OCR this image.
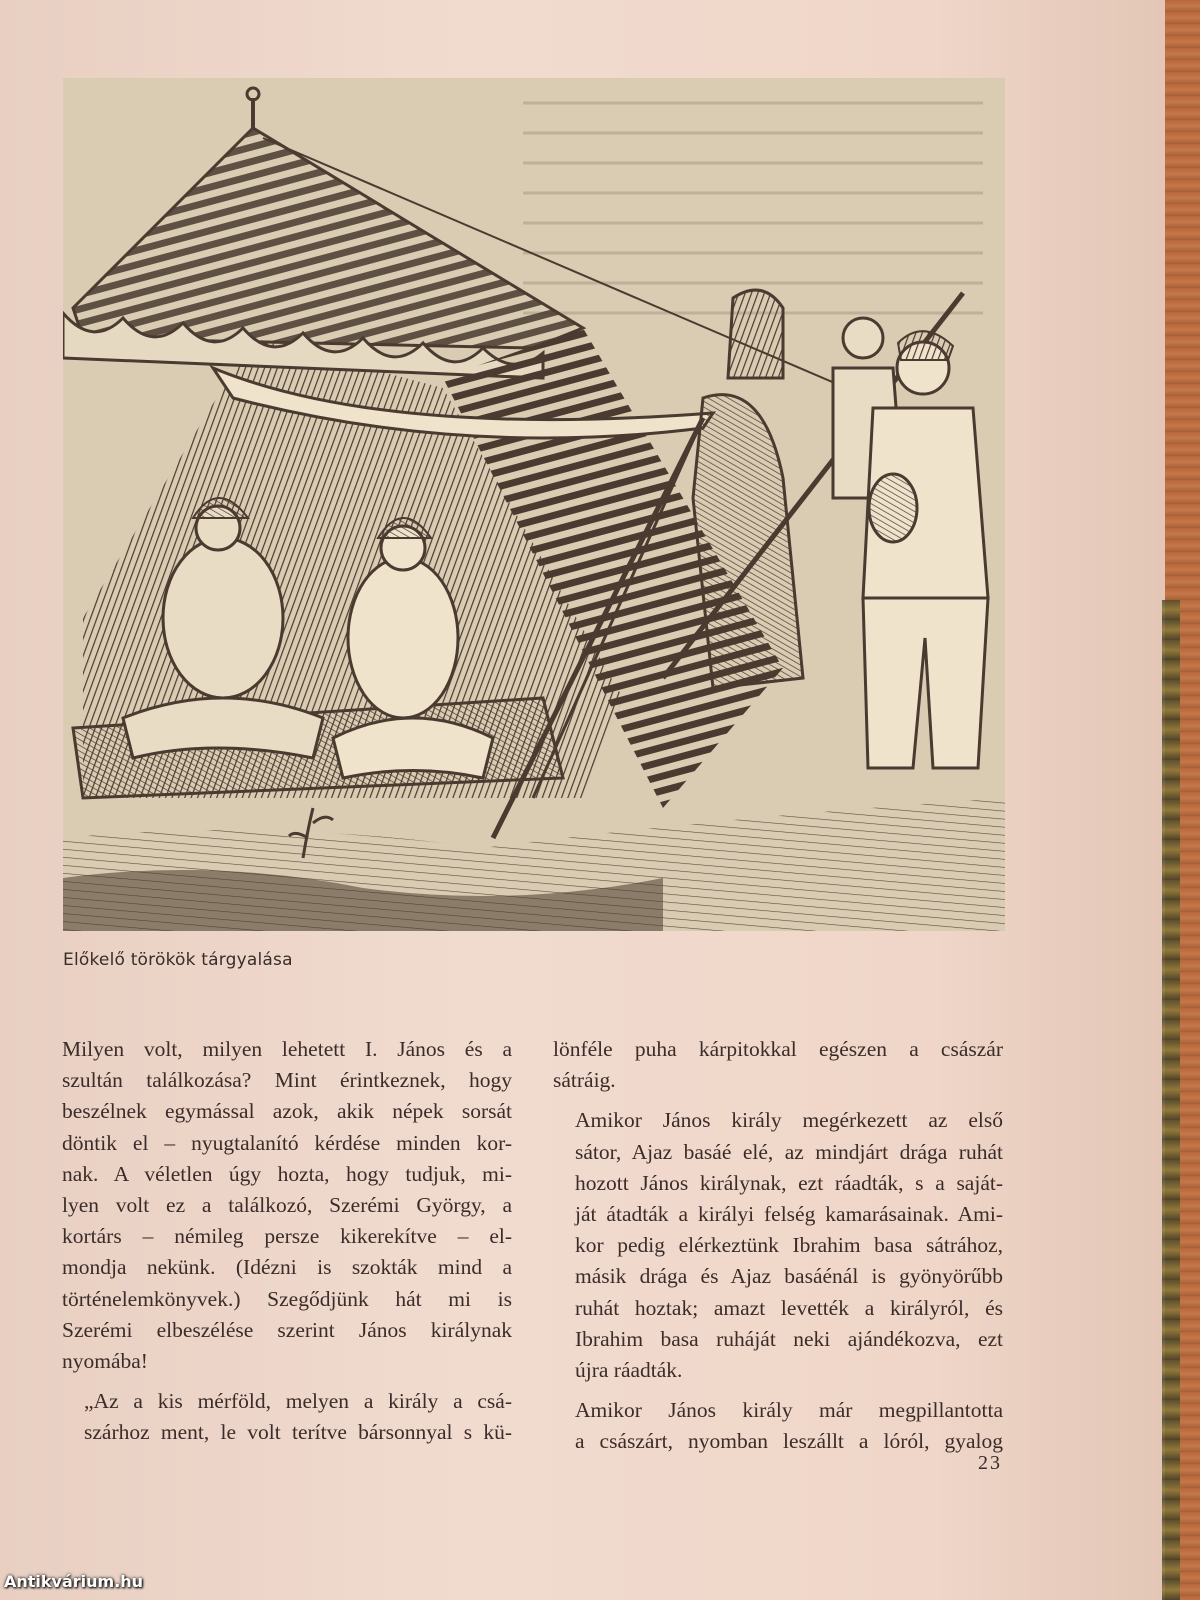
Előkelő törökök tárgyalása

Milyen volt, milyen lehetett I. János és a
szultán találkozása? Mint érintkeznek, hogy
beszélnek egymással azok, akik népek sorsát
döntik el – nyugtalanító kérdése minden kor-
nak. A véletlen úgy hozta, hogy tudjuk, mi-
lyen volt ez a találkozó, Szerémi György, a
kortárs – némileg persze kikerekítve – el-
mondja nekünk. (Idézni is szokták mind a
történelemkönyvek.) Szegődjünk hát mi is
Szerémi elbeszélése szerint János királynak
nyomába!

„Az a kis mérföld, melyen a király a csá-
szárhoz ment, le volt terítve bársonnyal s kü-

lönféle puha kárpitokkal egészen a császár
sátráig.

Amikor János király megérkezett az első
sátor, Ajaz basáé elé, az mindjárt drága ruhát
hozott János királynak, ezt ráadták, s a saját-
ját átadták a királyi felség kamarásainak. Ami-
kor pedig elérkeztünk Ibrahim basa sátrához,
másik drága és Ajaz basáénál is gyönyörűbb
ruhát hoztak; amazt levették a királyról, és
Ibrahim basa ruháját neki ajándékozva, ezt
újra ráadták.

Amikor János király már megpillantotta
a császárt, nyomban leszállt a lóról, gyalog

23
Antikvárium.hu
